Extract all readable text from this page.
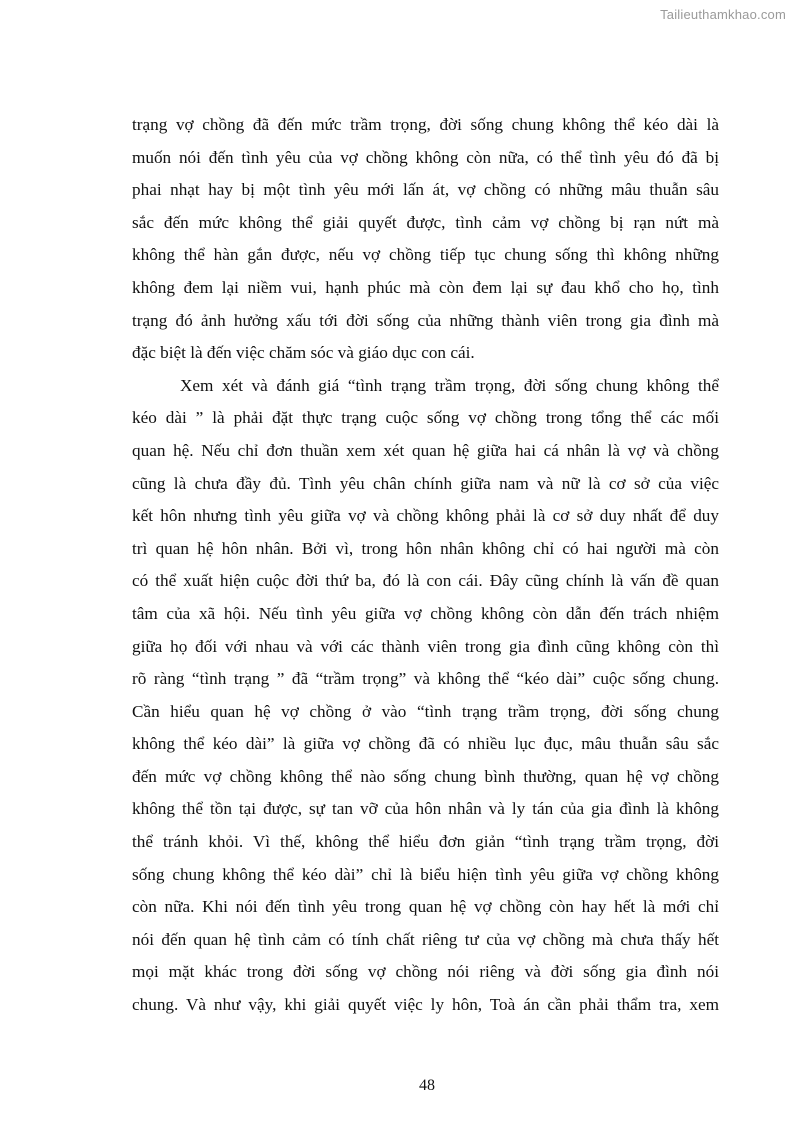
Tailieuthamkhao.com
trạng vợ chồng đã đến mức trầm trọng, đời sống chung không thể kéo dài là
muốn nói đến tình yêu của vợ chồng không còn nữa, có thể tình yêu đó đã bị
phai nhạt hay bị một tình yêu mới lấn át, vợ chồng có những mâu thuẫn sâu
sắc đến mức không thể giải quyết được, tình cảm vợ chồng bị rạn nứt mà
không thể hàn gắn được, nếu vợ chồng tiếp tục chung sống thì không những
không đem lại niềm vui, hạnh phúc mà còn đem lại sự đau khổ cho họ, tình
trạng đó ảnh hưởng xấu tới đời sống của những thành viên trong gia đình mà
đặc biệt là đến việc chăm sóc và giáo dục con cái.
Xem xét và đánh giá “tình trạng trầm trọng, đời sống chung không thể
kéo dài ” là phải đặt thực trạng cuộc sống vợ chồng trong tổng thể các mối
quan hệ. Nếu chỉ đơn thuần xem xét quan hệ giữa hai cá nhân là vợ và chồng
cũng là chưa đầy đủ. Tình yêu chân chính giữa nam và nữ là cơ sở của việc
kết hôn nhưng tình yêu giữa vợ và chồng không phải là cơ sở duy nhất để duy
trì quan hệ hôn nhân. Bởi vì, trong hôn nhân không chỉ có hai người mà còn
có thể xuất hiện cuộc đời thứ ba, đó là con cái. Đây cũng chính là vấn đề quan
tâm của xã hội. Nếu tình yêu giữa vợ chồng không còn dẫn đến trách nhiệm
giữa họ đối với nhau và với các thành viên trong gia đình cũng không còn thì
rõ ràng “tình trạng ” đã “trầm trọng” và không thể “kéo dài” cuộc sống chung.
Cần hiểu quan hệ vợ chồng ở vào “tình trạng trầm trọng, đời sống chung
không thể kéo dài” là giữa vợ chồng đã có nhiều lục đục, mâu thuẫn sâu sắc
đến mức vợ chồng không thể nào sống chung bình thường, quan hệ vợ chồng
không thể tồn tại được, sự tan vỡ của hôn nhân và ly tán của gia đình là không
thể tránh khỏi. Vì thế, không thể hiểu đơn giản “tình trạng trầm trọng, đời
sống chung không thể kéo dài” chỉ là biểu hiện tình yêu giữa vợ chồng không
còn nữa. Khi nói đến tình yêu trong quan hệ vợ chồng còn hay hết là mới chỉ
nói đến quan hệ tình cảm có tính chất riêng tư của vợ chồng mà chưa thấy hết
mọi mặt khác trong đời sống vợ chồng nói riêng và đời sống gia đình nói
chung. Và như vậy, khi giải quyết việc ly hôn, Toà án cần phải thẩm tra, xem
48
